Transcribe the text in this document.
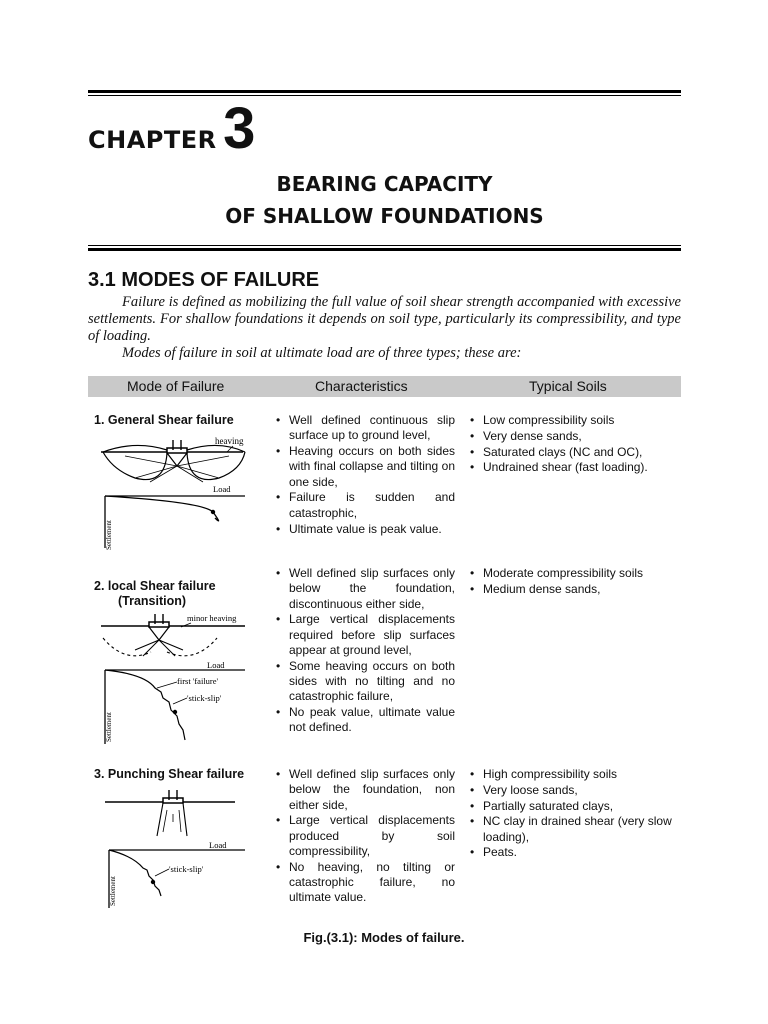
CHAPTER 3
BEARING CAPACITY
OF SHALLOW FOUNDATIONS
3.1 MODES OF FAILURE

Failure is defined as mobilizing the full value of soil shear strength accompanied with excessive settlements. For shallow foundations it depends on soil type, particularly its compressibility, and type of loading.

Modes of failure in soil at ultimate load are of three types; these are:

Mode of Failure	Characteristics	Typical Soils
1. General Shear failure
heaving
Load
Settlement
• Well defined continuous slip surface up to ground level,
• Heaving occurs on both sides with final collapse and tilting on one side,
• Failure is sudden and catastrophic,
• Ultimate value is peak value.
• Low compressibility soils
• Very dense sands,
• Saturated clays (NC and OC),
• Undrained shear (fast loading).
2. local Shear failure
(Transition)
minor heaving
Load
first 'failure'
'stick-slip'
Settlement
• Well defined slip surfaces only below the foundation, discontinuous either side,
• Large vertical displacements required before slip surfaces appear at ground level,
• Some heaving occurs on both sides with no tilting and no catastrophic failure,
• No peak value, ultimate value not defined.
• Moderate compressibility soils
• Medium dense sands,
3. Punching Shear failure
Load
'stick-slip'
Settlement
• Well defined slip surfaces only below the foundation, non either side,
• Large vertical displacements produced by soil compressibility,
• No heaving, no tilting or catastrophic failure, no ultimate value.
• High compressibility soils
• Very loose sands,
• Partially saturated clays,
• NC clay in drained shear (very slow loading),
• Peats.
Fig.(3.1): Modes of failure.
